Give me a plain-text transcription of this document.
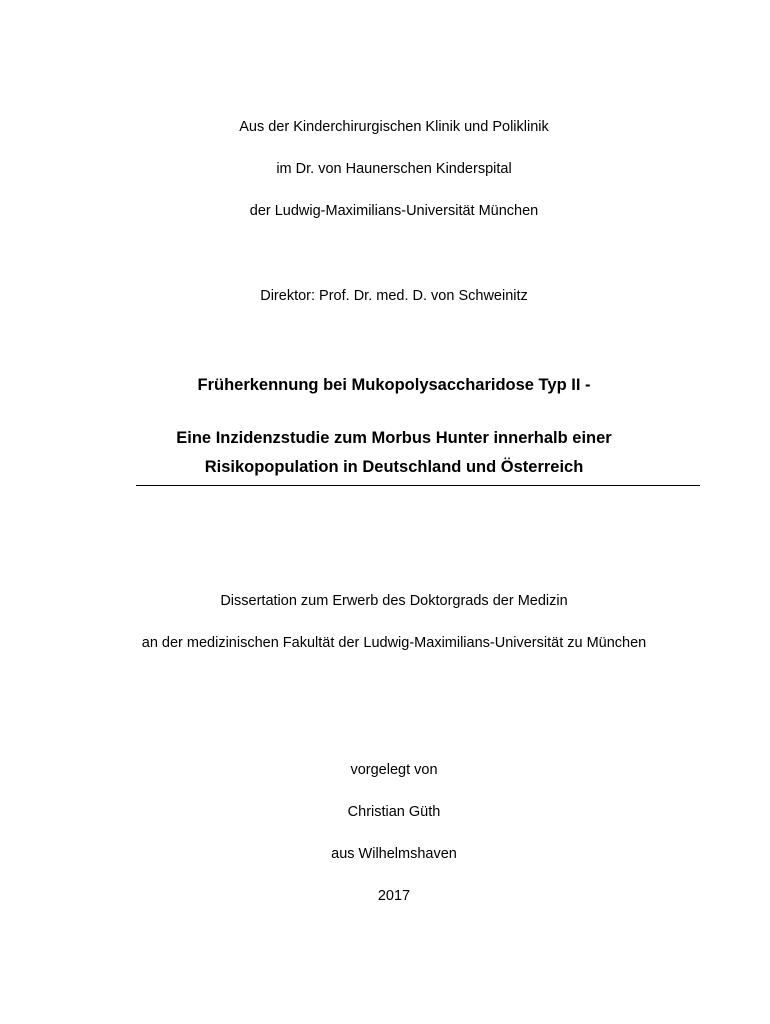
Aus der Kinderchirurgischen Klinik und Poliklinik
im Dr. von Haunerschen Kinderspital
der Ludwig-Maximilians-Universität München
Direktor: Prof. Dr. med. D. von Schweinitz
Früherkennung bei Mukopolysaccharidose Typ II -
Eine Inzidenzstudie zum Morbus Hunter innerhalb einer
Risikopopulation in Deutschland und Österreich
Dissertation zum Erwerb des Doktorgrads der Medizin
an der medizinischen Fakultät der Ludwig-Maximilians-Universität zu München
vorgelegt von
Christian Güth
aus Wilhelmshaven
2017
